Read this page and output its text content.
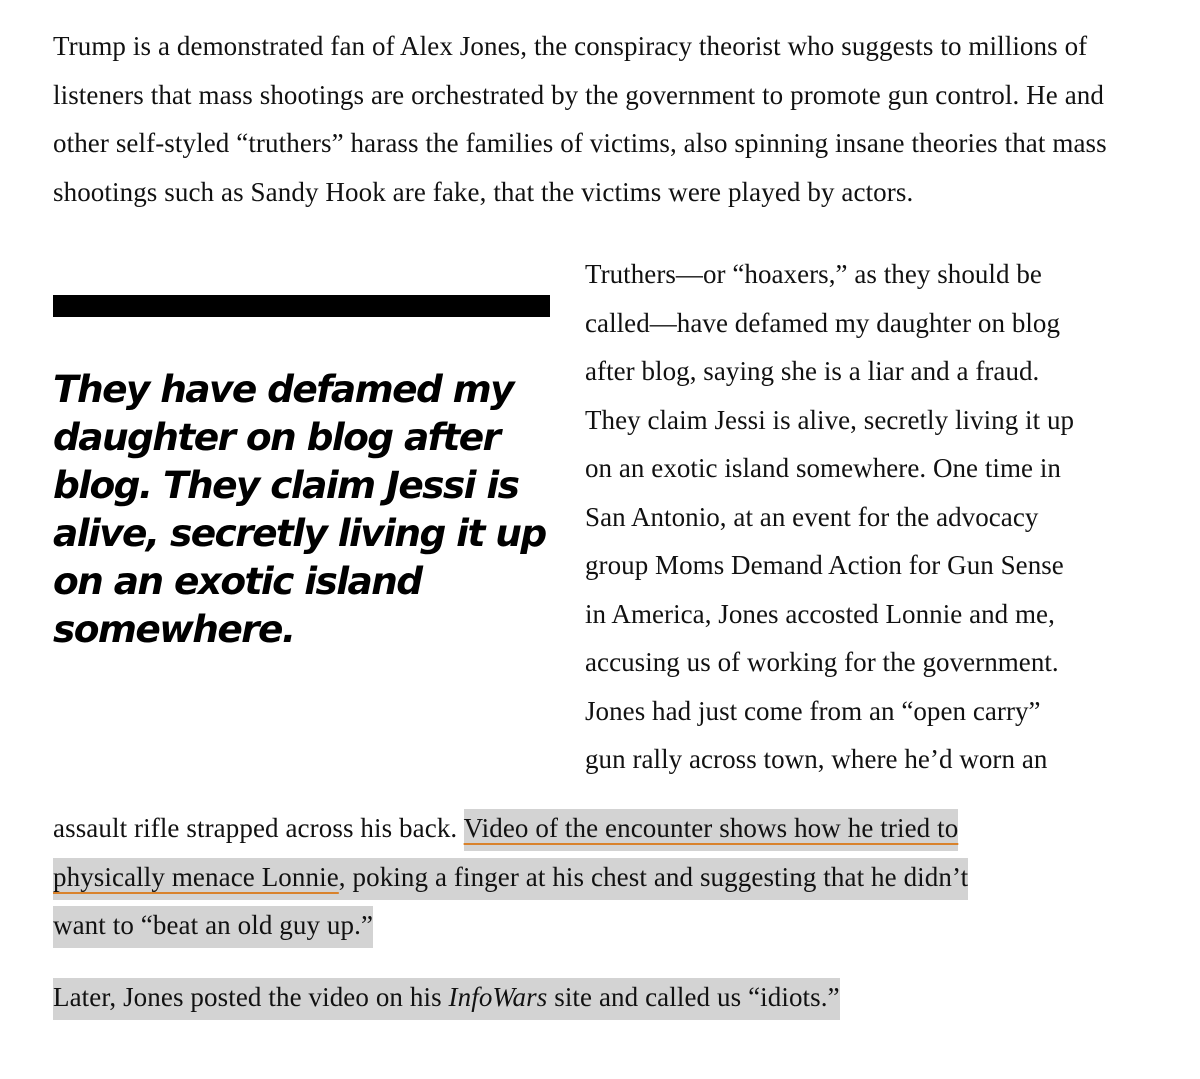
Trump is a demonstrated fan of Alex Jones, the conspiracy theorist who suggests to millions of listeners that mass shootings are orchestrated by the government to promote gun control. He and other self-styled “truthers” harass the families of victims, also spinning insane theories that mass shootings such as Sandy Hook are fake, that the victims were played by actors.

They have defamed my
daughter on blog after
blog. They claim Jessi is
alive, secretly living it up
on an exotic island
somewhere.

Truthers—or “hoaxers,” as they should be
called—have defamed my daughter on blog
after blog, saying she is a liar and a fraud.
They claim Jessi is alive, secretly living it up
on an exotic island somewhere. One time in
San Antonio, at an event for the advocacy
group Moms Demand Action for Gun Sense
in America, Jones accosted Lonnie and me,
accusing us of working for the government.
Jones had just come from an “open carry”
gun rally across town, where he’d worn an

assault rifle strapped across his back. Video of the encounter shows how he tried to
physically menace Lonnie, poking a finger at his chest and suggesting that he didn’t
want to “beat an old guy up.”

Later, Jones posted the video on his InfoWars site and called us “idiots.”
